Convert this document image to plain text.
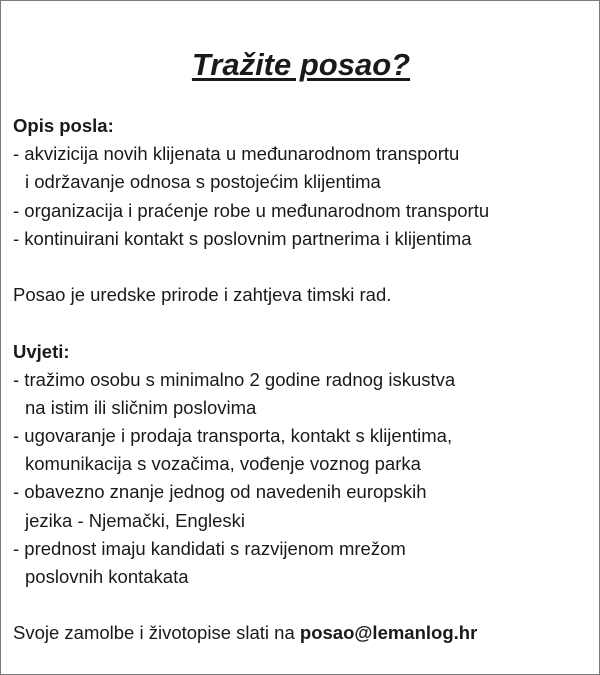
Tražite posao?
Opis posla:
- akvizicija novih klijenata u međunarodnom transportu
i održavanje odnosa s postojećim klijentima
- organizacija i praćenje robe u međunarodnom transportu
- kontinuirani kontakt s poslovnim partnerima i klijentima
Posao je uredske prirode i zahtjeva timski rad.
Uvjeti:
- tražimo osobu s minimalno 2 godine radnog iskustva
na istim ili sličnim poslovima
- ugovaranje i prodaja transporta, kontakt s klijentima,
komunikacija s vozačima, vođenje voznog parka
- obavezno znanje jednog od navedenih europskih
jezika - Njemački, Engleski
- prednost imaju kandidati s razvijenom mrežom
poslovnih kontakata
Svoje zamolbe i životopise slati na posao@lemanlog.hr
